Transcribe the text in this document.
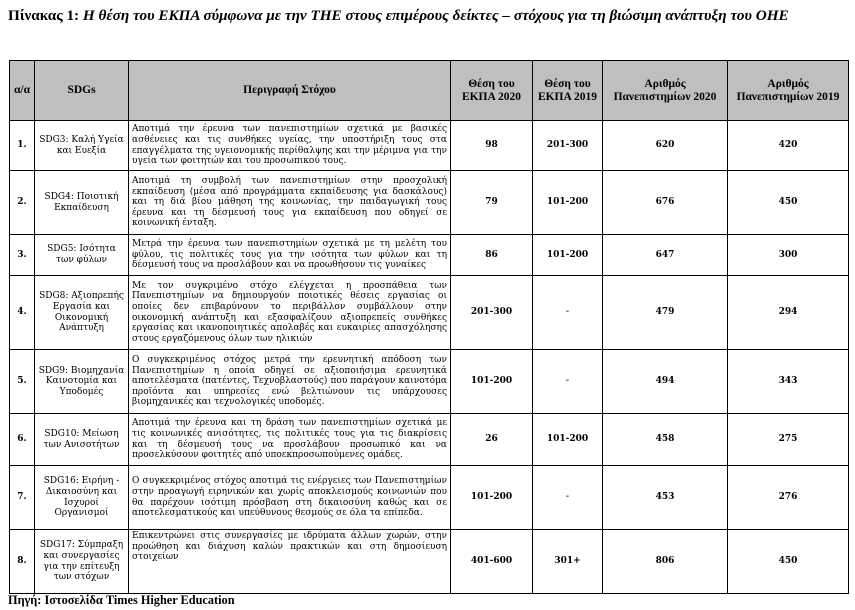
Πίνακας 1: Η θέση του ΕΚΠΑ σύμφωνα με την THE στους επιμέρους δείκτες – στόχους για τη βιώσιμη ανάπτυξη του ΟΗΕ
α/α	SDGs	Περιγραφή Στόχου	Θέση του ΕΚΠΑ 2020	Θέση του ΕΚΠΑ 2019	Αριθμός Πανεπιστημίων 2020	Αριθμός Πανεπιστημίων 2019
1.	SDG3: Καλή Υγεία και Ευεξία	Αποτιμά την έρευνα των πανεπιστημίων σχετικά με βασικές ασθένειες και τις συνθήκες υγείας, την υποστήριξη τους στα επαγγέλματα της υγειονομικής περίθαλψης και την μέριμνα για την υγεία των φοιτητών και του προσωπικού τους.	98	201-300	620	420
2.	SDG4: Ποιοτική Εκπαίδευση	Αποτιμά τη συμβολή των πανεπιστημίων στην προσχολική εκπαίδευση (μέσα από προγράμματα εκπαίδευσης για δασκάλους) και τη διά βίου μάθηση της κοινωνίας, την παιδαγωγική τους έρευνα και τη δέσμευσή τους για εκπαίδευση που οδηγεί σε κοινωνική ένταξη.	79	101-200	676	450
3.	SDG5: Ισότητα των φύλων	Μετρά την έρευνα των πανεπιστημίων σχετικά με τη μελέτη του φύλου, τις πολιτικές τους για την ισότητα των φύλων και τη δέσμευσή τους να προσλάβουν και να προωθήσουν τις γυναίκες	86	101-200	647	300
4.	SDG8: Αξιοπρεπής Εργασία και Οικονομική Ανάπτυξη	Με τον συγκριμένο στόχο ελέγχεται η προσπάθεια των Πανεπιστημίων να δημιουργούν ποιοτικές θέσεις εργασίας οι οποίες δεν επιβαρύνουν το περιβάλλον συμβάλλουν στην οικονομική ανάπτυξη και εξασφαλίζουν αξιοπρεπείς συνθήκες εργασίας και ικανοποιητικές απολαβές και ευκαιρίες απασχόλησης στους εργαζόμενους όλων των ηλικιών	201-300	-	479	294
5.	SDG9: Βιομηχανία Καινοτομία και Υποδομές	Ο συγκεκριμένος στόχος μετρά την ερευνητική απόδοση των Πανεπιστημίων η οποία οδηγεί σε αξιοποιήσιμα ερευνητικά αποτελέσματα (πατέντες, Τεχνοβλαστούς) που παράγουν καινοτόμα προϊόντα και υπηρεσίες ενώ βελτιώνουν τις υπάρχουσες βιομηχανικές και τεχνολογικές υποδομές.	101-200	-	494	343
6.	SDG10: Μείωση των Ανισοτήτων	Αποτιμά την έρευνα και τη δράση των πανεπιστημίων σχετικά με τις κοινωνικές ανισότητες, τις πολιτικές τους για τις διακρίσεις και τη δέσμευσή τους να προσλάβουν προσωπικό και να προσελκύσουν φοιτητές από υποεκπροσωπούμενες ομάδες.	26	101-200	458	275
7.	SDG16: Ειρήνη - Δικαιοσύνη και Ισχυροί Οργανισμοί	Ο συγκεκριμένος στόχος αποτιμά τις ενέργειες των Πανεπιστημίων στην προαγωγή ειρηνικών και χωρίς αποκλεισμούς κοινωνιών που θα παρέχουν ισότιμη πρόσβαση στη δικαιοσύνη καθώς και σε αποτελεσματικούς και υπεύθυνους θεσμούς σε όλα τα επίπεδα.	101-200	-	453	276
8.	SDG17: Σύμπραξη και συνεργασίες για την επίτευξη των στόχων	Επικεντρώνει στις συνεργασίες με ιδρύματα άλλων χωρών, στην προώθηση και διάχυση καλών πρακτικών και στη δημοσίευση στοιχείων	401-600	301+	806	450
Πηγή: Ιστοσελίδα Times Higher Education
